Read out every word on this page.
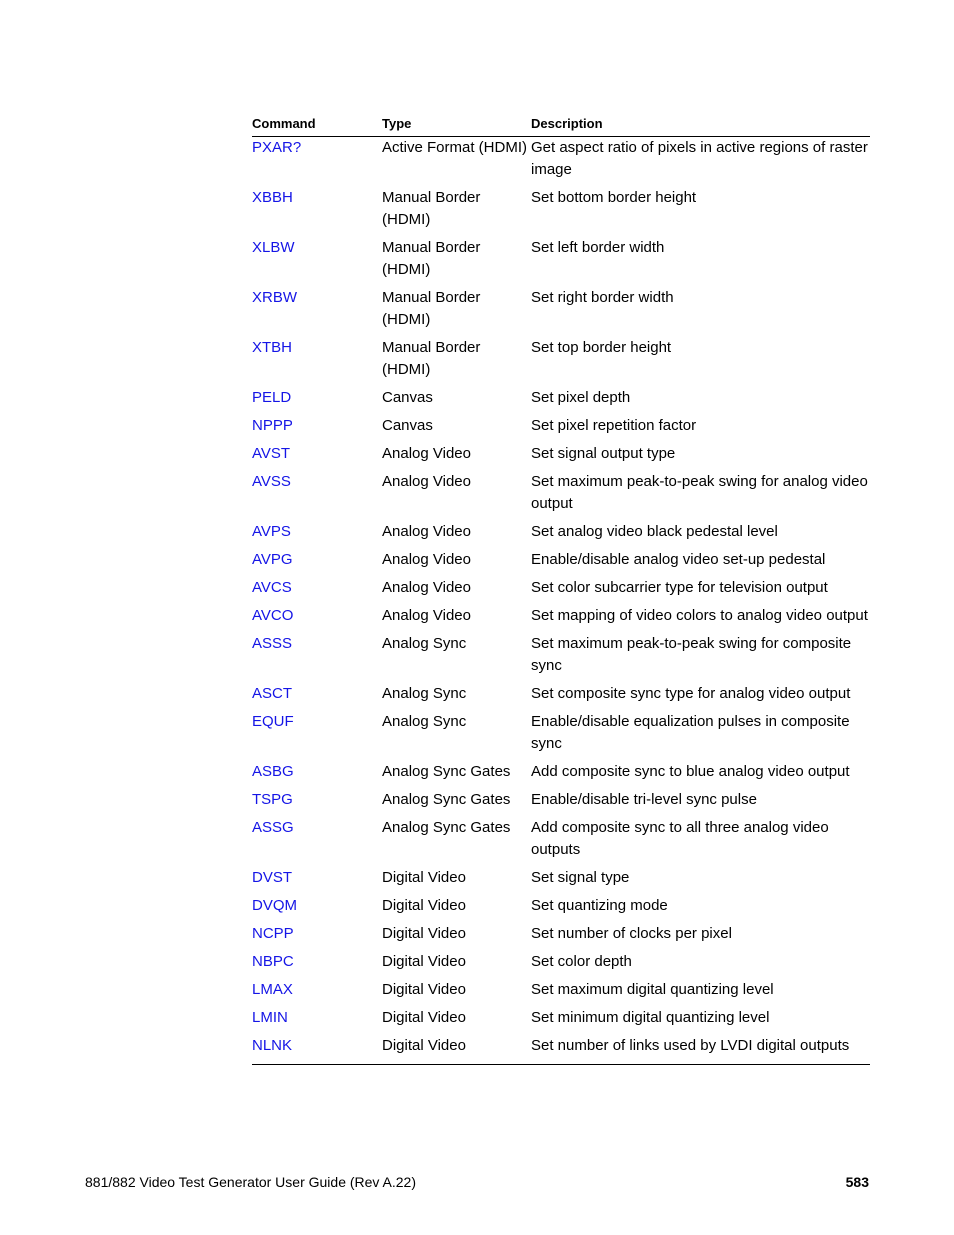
Command	Type	Description
PXAR?	Active Format (HDMI)	Get aspect ratio of pixels in active regions of raster image
XBBH	Manual Border (HDMI)	Set bottom border height
XLBW	Manual Border (HDMI)	Set left border width
XRBW	Manual Border (HDMI)	Set right border width
XTBH	Manual Border (HDMI)	Set top border height
PELD	Canvas	Set pixel depth
NPPP	Canvas	Set pixel repetition factor
AVST	Analog Video	Set signal output type
AVSS	Analog Video	Set maximum peak-to-peak swing for analog video output
AVPS	Analog Video	Set analog video black pedestal level
AVPG	Analog Video	Enable/disable analog video set-up pedestal
AVCS	Analog Video	Set color subcarrier type for television output
AVCO	Analog Video	Set mapping of video colors to analog video output
ASSS	Analog Sync	Set maximum peak-to-peak swing for composite sync
ASCT	Analog Sync	Set composite sync type for analog video output
EQUF	Analog Sync	Enable/disable equalization pulses in composite sync
ASBG	Analog Sync Gates	Add composite sync to blue analog video output
TSPG	Analog Sync Gates	Enable/disable tri-level sync pulse
ASSG	Analog Sync Gates	Add composite sync to all three analog video outputs
DVST	Digital Video	Set signal type
DVQM	Digital Video	Set quantizing mode
NCPP	Digital Video	Set number of clocks per pixel
NBPC	Digital Video	Set color depth
LMAX	Digital Video	Set maximum digital quantizing level
LMIN	Digital Video	Set minimum digital quantizing level
NLNK	Digital Video	Set number of links used by LVDI digital outputs
881/882 Video Test Generator User Guide (Rev A.22)	583
